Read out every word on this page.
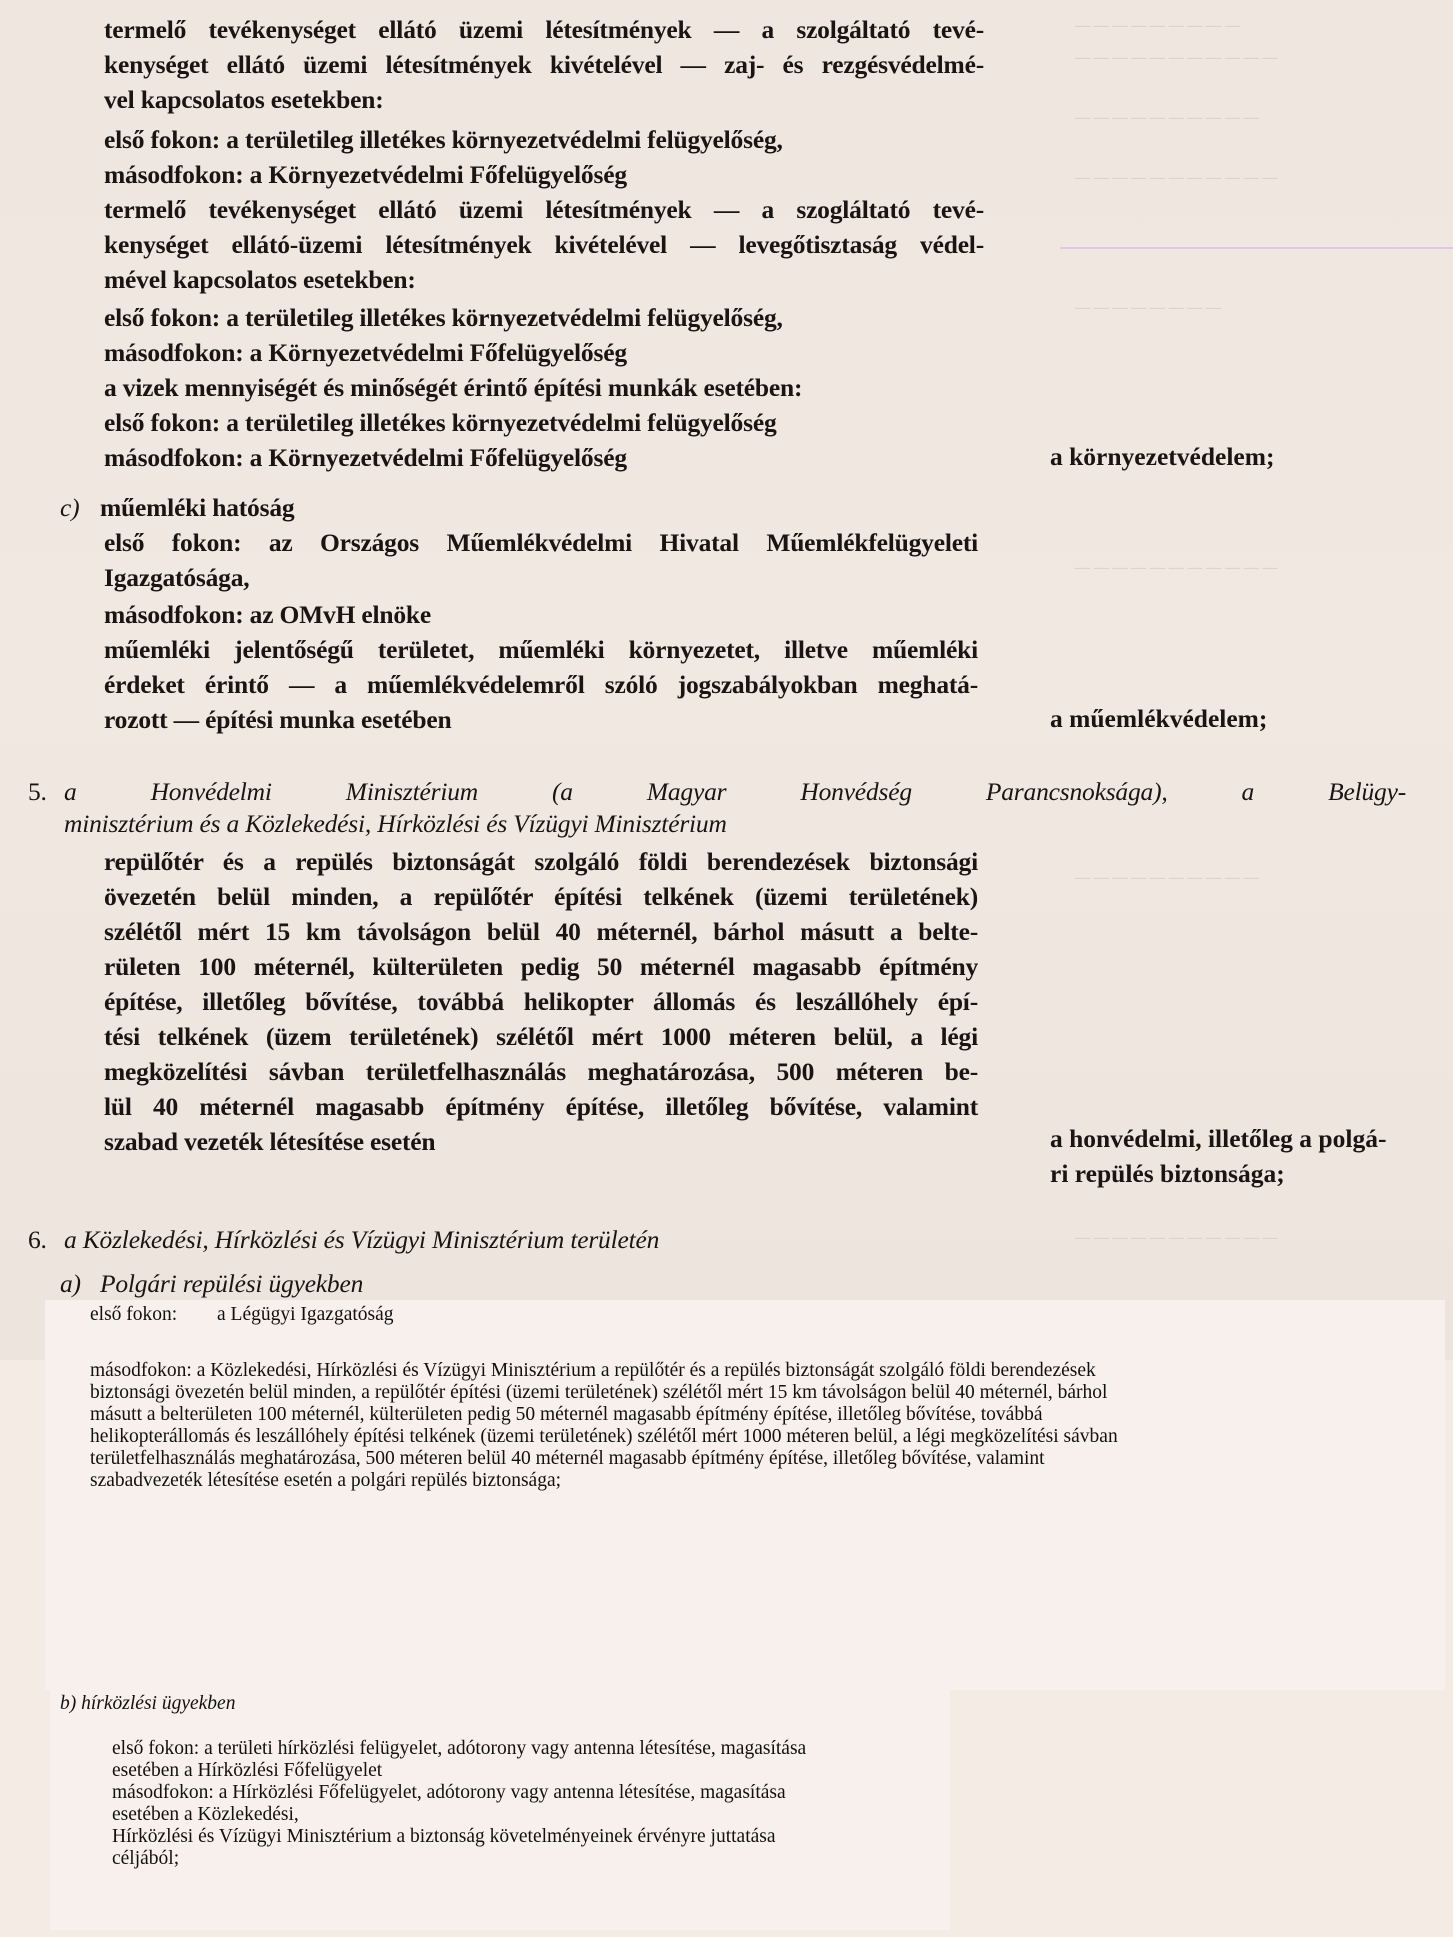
— — — — — — — — —
— — — — — — — — — — —
— — — — — — — — — —
— — — — — — — — — — —
— — — — — — — —
— — — — — — — — — — —
— — — — — — — — — —
— — — — — — — — — — —
termelő tevékenységet ellátó üzemi létesítmények — a szolgáltató tevé-
kenységet ellátó üzemi létesítmények kivételével — zaj- és rezgésvédelmé-
vel kapcsolatos esetekben:
első fokon: a területileg illetékes környezetvédelmi felügyelőség,
másodfokon: a Környezetvédelmi Főfelügyelőség
termelő tevékenységet ellátó üzemi létesítmények — a szogláltató tevé-
kenységet ellátó-üzemi létesítmények kivételével — levegőtisztaság védel-
mével kapcsolatos esetekben:
első fokon: a területileg illetékes környezetvédelmi felügyelőség,
másodfokon: a Környezetvédelmi Főfelügyelőség
a vizek mennyiségét és minőségét érintő építési munkák esetében:
első fokon: a területileg illetékes környezetvédelmi felügyelőség
másodfokon: a Környezetvédelmi Főfelügyelőség	a környezetvédelem;
c) műemléki hatóság
első fokon: az Országos Műemlékvédelmi Hivatal Műemlékfelügyeleti
Igazgatósága,
másodfokon: az OMvH elnöke
műemléki jelentőségű területet, műemléki környezetet, illetve műemléki
érdeket érintő — a műemlékvédelemről szóló jogszabályokban meghatá-
rozott — építési munka esetében	a műemlékvédelem;
5. a Honvédelmi Minisztérium (a Magyar Honvédség Parancsnoksága), a Belügy-
minisztérium és a Közlekedési, Hírközlési és Vízügyi Minisztérium
repülőtér és a repülés biztonságát szolgáló földi berendezések biztonsági
övezetén belül minden, a repülőtér építési telkének (üzemi területének)
szélétől mért 15 km távolságon belül 40 méternél, bárhol másutt a belte-
rületen 100 méternél, külterületen pedig 50 méternél magasabb építmény
építése, illetőleg bővítése, továbbá helikopter állomás és leszállóhely épí-
tési telkének (üzem területének) szélétől mért 1000 méteren belül, a légi
megközelítési sávban területfelhasználás meghatározása, 500 méteren be-
lül 40 méternél magasabb építmény építése, illetőleg bővítése, valamint
szabad vezeték létesítése esetén	a honvédelmi, illetőleg a polgá-
ri repülés biztonsága;
6. a Közlekedési, Hírközlési és Vízügyi Minisztérium területén
a) Polgári repülési ügyekben
első fokon: a Légügyi Igazgatóság
másodfokon: a Közlekedési, Hírközlési és Vízügyi Minisztérium a repülőtér és a repülés biztonságát szolgáló földi berendezések
biztonsági övezetén belül minden, a repülőtér építési (üzemi területének) szélétől mért 15 km távolságon belül 40 méternél, bárhol
másutt a belterületen 100 méternél, külterületen pedig 50 méternél magasabb építmény építése, illetőleg bővítése, továbbá
helikopterállomás és leszállóhely építési telkének (üzemi területének) szélétől mért 1000 méteren belül, a légi megközelítési sávban
területfelhasználás meghatározása, 500 méteren belül 40 méternél magasabb építmény építése, illetőleg bővítése, valamint
szabadvezeték létesítése esetén a polgári repülés biztonsága;
b) hírközlési ügyekben
első fokon: a területi hírközlési felügyelet, adótorony vagy antenna létesítése, magasítása
esetében a Hírközlési Főfelügyelet
másodfokon: a Hírközlési Főfelügyelet, adótorony vagy antenna létesítése, magasítása
esetében a Közlekedési,
Hírközlési és Vízügyi Minisztérium a biztonság követelményeinek érvényre juttatása
céljából;
